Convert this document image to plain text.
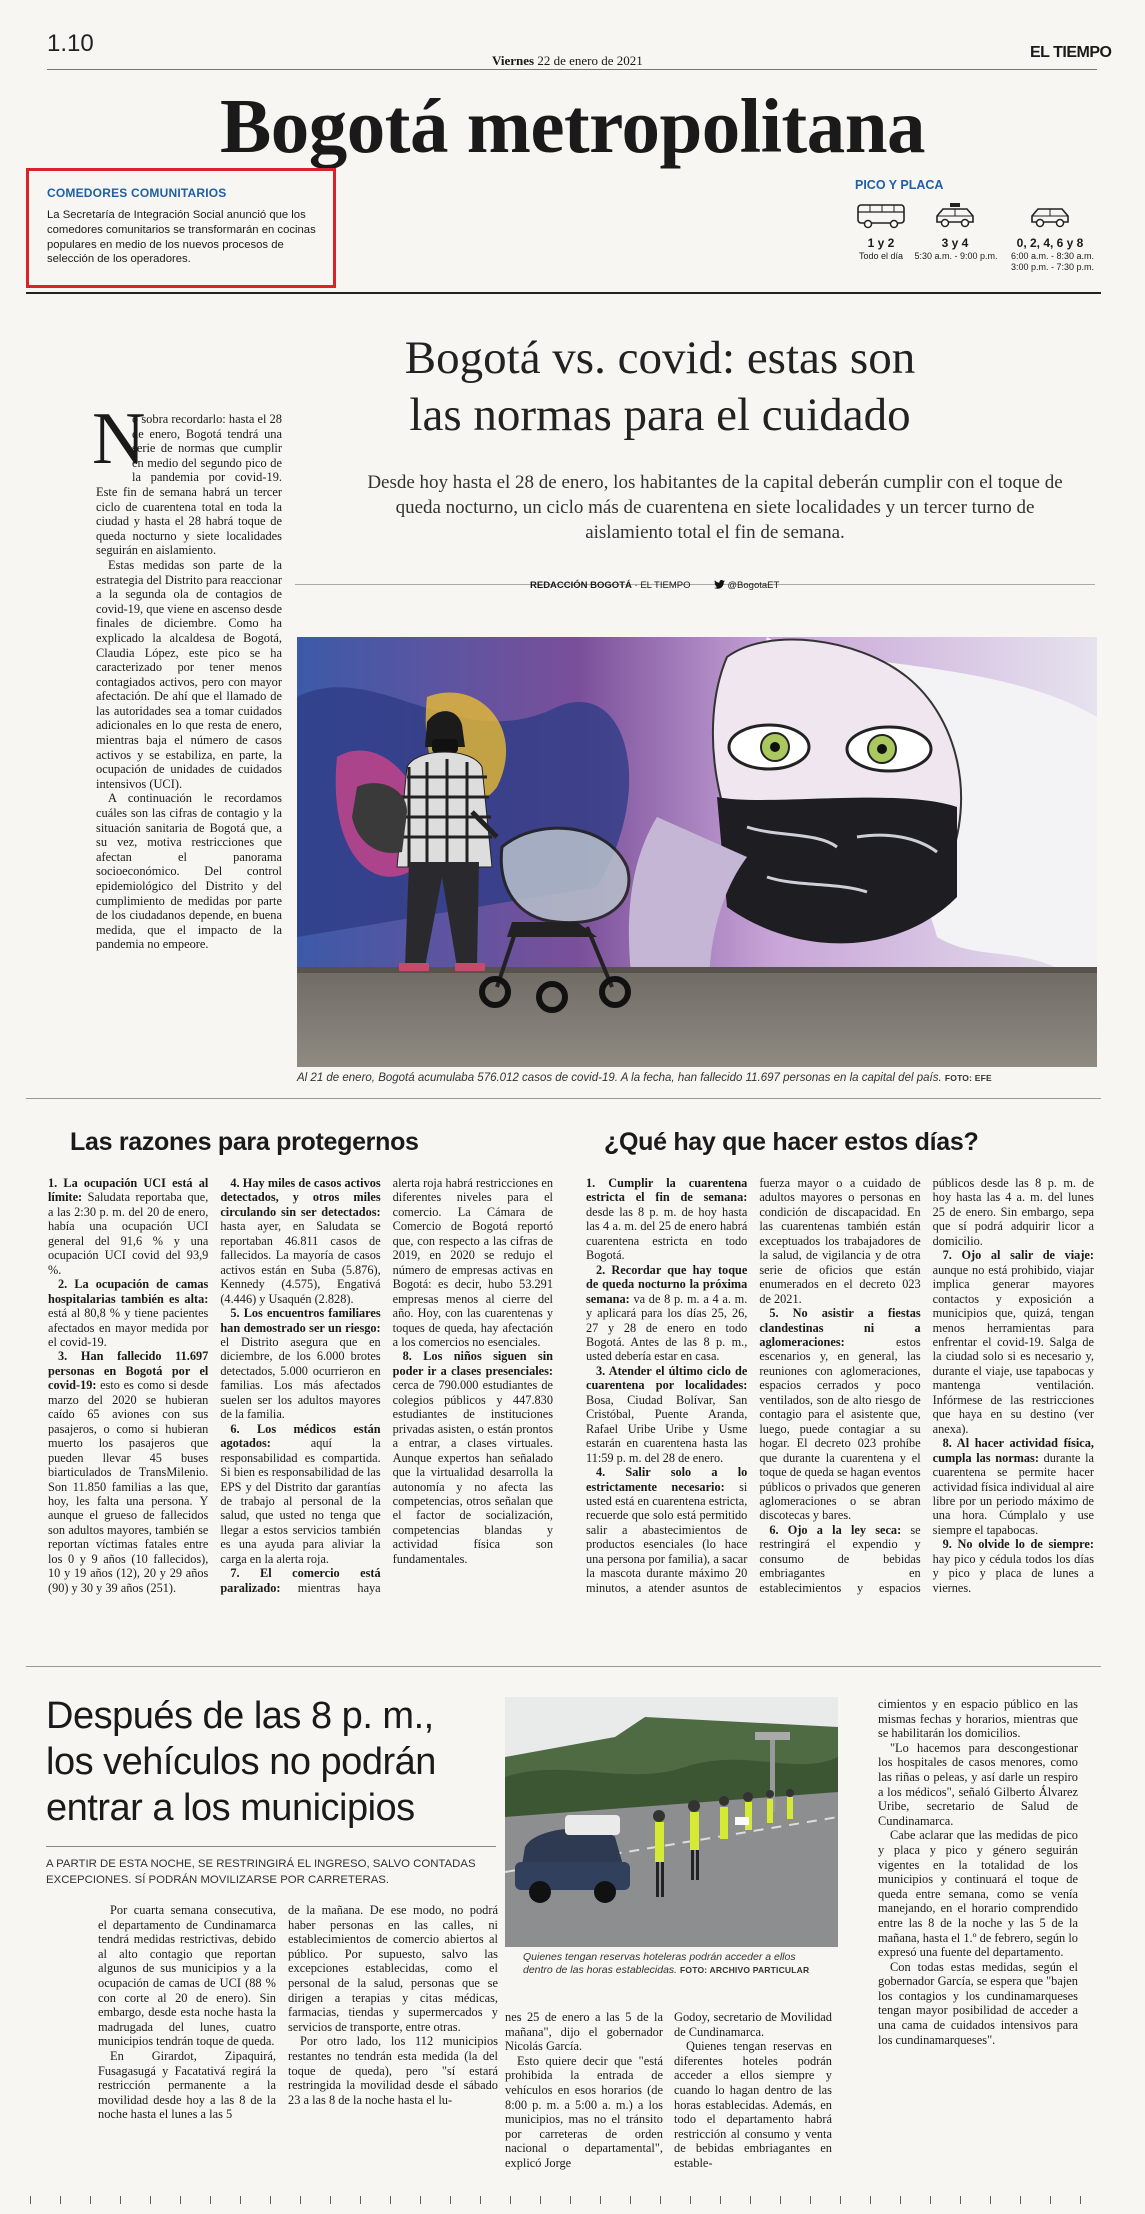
1.10
Viernes 22 de enero de 2021	EL TIEMPO
Bogotá metropolitana
COMEDORES COMUNITARIOS
La Secretaría de Integración Social anunció que los comedores comunitarios se transformarán en cocinas populares en medio de los nuevos procesos de selección de los operadores.
PICO Y PLACA
1 y 2
Todo el día
3 y 4
5:30 a.m. - 9:00 p.m.
0, 2, 4, 6 y 8
6:00 a.m. - 8:30 a.m.
3:00 p.m. - 7:30 p.m.
Bogotá vs. covid: estas son
las normas para el cuidado
Desde hoy hasta el 28 de enero, los habitantes de la capital deberán cumplir con el toque de queda nocturno, un ciclo más de cuarentena en siete localidades y un tercer turno de aislamiento total el fin de semana.
REDACCIÓN BOGOTÁ · EL TIEMPO	@BogotaET
N

o sobra recordarlo: hasta el 28 de enero, Bogotá tendrá una serie de normas que cumplir en medio del segundo pico de la pandemia por covid-19. Este fin de semana habrá un tercer ciclo de cuarentena total en toda la ciudad y hasta el 28 habrá toque de queda nocturno y siete localidades seguirán en aislamiento.

Estas medidas son parte de la estrategia del Distrito para reaccionar a la segunda ola de contagios de covid-19, que viene en ascenso desde finales de diciembre. Como ha explicado la alcaldesa de Bogotá, Claudia López, este pico se ha caracterizado por tener menos contagiados activos, pero con mayor afectación. De ahí que el llamado de las autoridades sea a tomar cuidados adicionales en lo que resta de enero, mientras baja el número de casos activos y se estabiliza, en parte, la ocupación de unidades de cuidados intensivos (UCI).

A continuación le recordamos cuáles son las cifras de contagio y la situación sanitaria de Bogotá que, a su vez, motiva restricciones que afectan el panorama socioeconómico. Del control epidemiológico del Distrito y del cumplimiento de medidas por parte de los ciudadanos depende, en buena medida, que el impacto de la pandemia no empeore.

Al 21 de enero, Bogotá acumulaba 576.012 casos de covid-19. A la fecha, han fallecido 11.697 personas en la capital del país. FOTO: EFE
Las razones para protegernos

1. La ocupación UCI está al límite: Saludata reportaba que, a las 2:30 p. m. del 20 de enero, había una ocupación UCI general del 91,6 % y una ocupación UCI covid del 93,9 %.

2. La ocupación de camas hospitalarias también es alta: está al 80,8 % y tiene pacientes afectados en mayor medida por el covid-19.

3. Han fallecido 11.697 personas en Bogotá por el covid-19: esto es como si desde marzo del 2020 se hubieran caído 65 aviones con sus pasajeros, o como si hubieran muerto los pasajeros que pueden llevar 45 buses biarticulados de TransMilenio. Son 11.850 familias a las que, hoy, les falta una persona. Y aunque el grueso de fallecidos son adultos mayores, también se reportan víctimas fatales entre los 0 y 9 años (10 fallecidos), 10 y 19 años (12), 20 y 29 años (90) y 30 y 39 años (251).

4. Hay miles de casos activos detectados, y otros miles circulando sin ser detectados: hasta ayer, en Saludata se reportaban 46.811 casos de fallecidos. La mayoría de casos activos están en Suba (5.876), Kennedy (4.575), Engativá (4.446) y Usaquén (2.828).

5. Los encuentros familiares han demostrado ser un riesgo: el Distrito asegura que en diciembre, de los 6.000 brotes detectados, 5.000 ocurrieron en familias. Los más afectados suelen ser los adultos mayores de la familia.

6. Los médicos están agotados: aquí la responsabilidad es compartida. Si bien es responsabilidad de las EPS y del Distrito dar garantías de trabajo al personal de la salud, que usted no tenga que llegar a estos servicios también es una ayuda para aliviar la carga en la alerta roja.

7. El comercio está paralizado: mientras haya alerta roja habrá restricciones en diferentes niveles para el comercio. La Cámara de Comercio de Bogotá reportó que, con respecto a las cifras de 2019, en 2020 se redujo el número de empresas activas en Bogotá: es decir, hubo 53.291 empresas menos al cierre del año. Hoy, con las cuarentenas y toques de queda, hay afectación a los comercios no esenciales.

8. Los niños siguen sin poder ir a clases presenciales: cerca de 790.000 estudiantes de colegios públicos y 447.830 estudiantes de instituciones privadas asisten, o están prontos a entrar, a clases virtuales. Aunque expertos han señalado que la virtualidad desarrolla la autonomía y no afecta las competencias, otros señalan que el factor de socialización, competencias blandas y actividad física son fundamentales.

¿Qué hay que hacer estos días?

1. Cumplir la cuarentena estricta el fin de semana: desde las 8 p. m. de hoy hasta las 4 a. m. del 25 de enero habrá cuarentena estricta en todo Bogotá.

2. Recordar que hay toque de queda nocturno la próxima semana: va de 8 p. m. a 4 a. m. y aplicará para los días 25, 26, 27 y 28 de enero en todo Bogotá. Antes de las 8 p. m., usted debería estar en casa.

3. Atender el último ciclo de cuarentena por localidades: Bosa, Ciudad Bolívar, San Cristóbal, Puente Aranda, Rafael Uribe Uribe y Usme estarán en cuarentena hasta las 11:59 p. m. del 28 de enero.

4. Salir solo a lo estrictamente necesario: si usted está en cuarentena estricta, recuerde que solo está permitido salir a abastecimientos de productos esenciales (lo hace una persona por familia), a sacar la mascota durante máximo 20 minutos, a atender asuntos de fuerza mayor o a cuidado de adultos mayores o personas en condición de discapacidad. En las cuarentenas también están exceptuados los trabajadores de la salud, de vigilancia y de otra serie de oficios que están enumerados en el decreto 023 de 2021.

5. No asistir a fiestas clandestinas ni a aglomeraciones: estos escenarios y, en general, las reuniones con aglomeraciones, espacios cerrados y poco ventilados, son de alto riesgo de contagio para el asistente que, luego, puede contagiar a su hogar. El decreto 023 prohíbe que durante la cuarentena y el toque de queda se hagan eventos públicos o privados que generen aglomeraciones o se abran discotecas y bares.

6. Ojo a la ley seca: se restringirá el expendio y consumo de bebidas embriagantes en establecimientos y espacios públicos desde las 8 p. m. de hoy hasta las 4 a. m. del lunes 25 de enero. Sin embargo, sepa que sí podrá adquirir licor a domicilio.

7. Ojo al salir de viaje: aunque no está prohibido, viajar implica generar mayores contactos y exposición a municipios que, quizá, tengan menos herramientas para enfrentar el covid-19. Salga de la ciudad solo si es necesario y, durante el viaje, use tapabocas y mantenga ventilación. Infórmese de las restricciones que haya en su destino (ver anexa).

8. Al hacer actividad física, cumpla las normas: durante la cuarentena se permite hacer actividad física individual al aire libre por un periodo máximo de una hora. Cúmplalo y use siempre el tapabocas.

9. No olvide lo de siempre: hay pico y cédula todos los días y pico y placa de lunes a viernes.

Después de las 8 p. m., los vehículos no podrán entrar a los municipios
A PARTIR DE ESTA NOCHE, SE RESTRINGIRÁ EL INGRESO, SALVO CONTADAS EXCEPCIONES. SÍ PODRÁN MOVILIZARSE POR CARRETERAS.

Por cuarta semana consecutiva, el departamento de Cundinamarca tendrá medidas restrictivas, debido al alto contagio que reportan algunos de sus municipios y a la ocupación de camas de UCI (88 % con corte al 20 de enero). Sin embargo, desde esta noche hasta la madrugada del lunes, cuatro municipios tendrán toque de queda.

En Girardot, Zipaquirá, Fusagasugá y Facatativá regirá la restricción permanente a la movilidad desde hoy a las 8 de la noche hasta el lunes a las 5

de la mañana. De ese modo, no podrá haber personas en las calles, ni establecimientos de comercio abiertos al público. Por supuesto, salvo las excepciones establecidas, como el personal de la salud, personas que se dirigen a terapias y citas médicas, farmacias, tiendas y supermercados y servicios de transporte, entre otras.

Por otro lado, los 112 municipios restantes no tendrán esta medida (la del toque de queda), pero "sí estará restringida la movilidad desde el sábado 23 a las 8 de la noche hasta el lu-

Quienes tengan reservas hoteleras podrán acceder a ellos dentro de las horas establecidas. FOTO: ARCHIVO PARTICULAR

nes 25 de enero a las 5 de la mañana", dijo el gobernador Nicolás García.

Esto quiere decir que "está prohibida la entrada de vehículos en esos horarios (de 8:00 p. m. a 5:00 a. m.) a los municipios, mas no el tránsito por carreteras de orden nacional o departamental", explicó Jorge

Godoy, secretario de Movilidad de Cundinamarca.

Quienes tengan reservas en diferentes hoteles podrán acceder a ellos siempre y cuando lo hagan dentro de las horas establecidas. Además, en todo el departamento habrá restricción al consumo y venta de bebidas embriagantes en estable-

cimientos y en espacio público en las mismas fechas y horarios, mientras que se habilitarán los domicilios.

"Lo hacemos para descongestionar los hospitales de casos menores, como las riñas o peleas, y así darle un respiro a los médicos", señaló Gilberto Álvarez Uribe, secretario de Salud de Cundinamarca.

Cabe aclarar que las medidas de pico y placa y pico y género seguirán vigentes en la totalidad de los municipios y continuará el toque de queda entre semana, como se venía manejando, en el horario comprendido entre las 8 de la noche y las 5 de la mañana, hasta el 1.º de febrero, según lo expresó una fuente del departamento.

Con todas estas medidas, según el gobernador García, se espera que "bajen los contagios y los cundinamarqueses tengan mayor posibilidad de acceder a una cama de cuidados intensivos para los cundinamarqueses".
